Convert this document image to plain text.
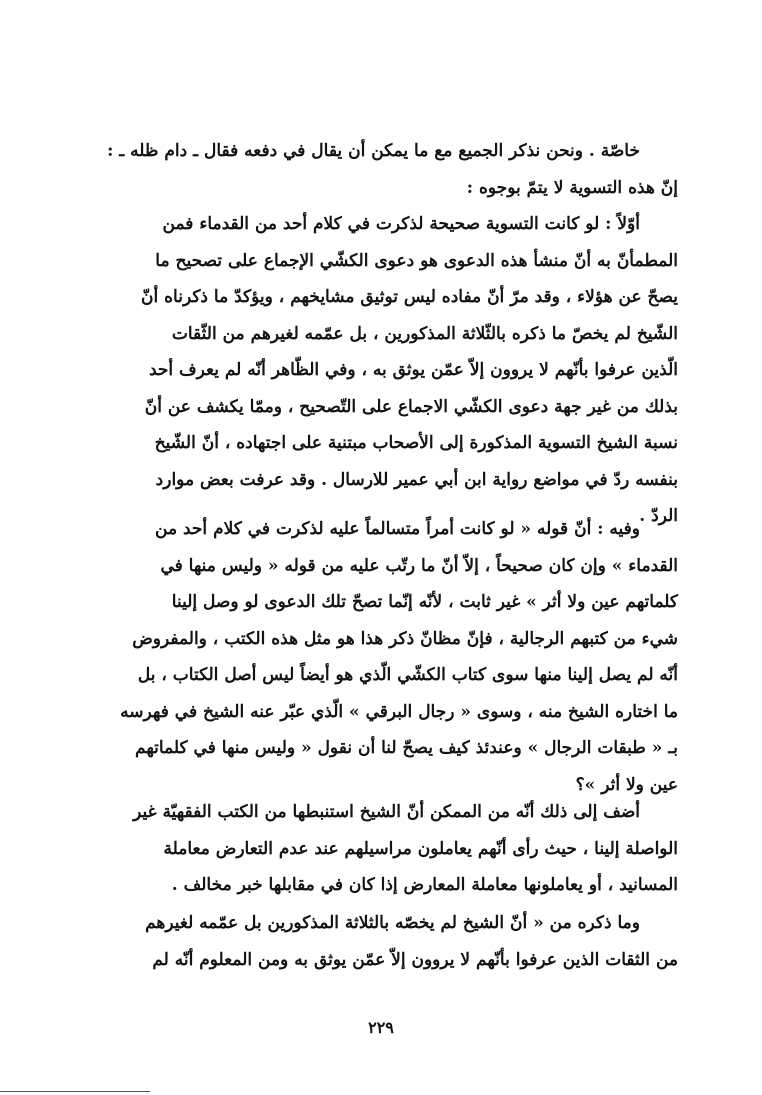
خاصّة . ونحن نذكر الجميع مع ما يمكن أن يقال في دفعه فقال ـ دام ظله ـ :
إنّ هذه التسوية لا يتمّ بوجوه :
أوّلاً : لو كانت التسوية صحيحة لذكرت في كلام أحد من القدماء فمن
المطمأنّ به أنّ منشأ هذه الدعوى هو دعوى الكشّي الإجماع على تصحيح ما
يصحّ عن هؤلاء ، وقد مرّ أنّ مفاده ليس توثيق مشايخهم ، ويؤكدّ ما ذكرناه أنّ
الشّيخ لم يخصّ ما ذكره بالثّلاثة المذكورين ، بل عمّمه لغيرهم من الثّقات
الّذين عرفوا بأنّهم لا يروون إلاّ عمّن يوثق به ، وفي الظّاهر أنّه لم يعرف أحد
بذلك من غير جهة دعوى الكشّي الاجماع على التّصحيح ، وممّا يكشف عن أنّ
نسبة الشيخ التسوية المذكورة إلى الأصحاب مبتنية على اجتهاده ، أنّ الشّيخ
بنفسه ردّ في مواضع رواية ابن أبي عمير للارسال . وقد عرفت بعض موارد
الردّ .
وفيه : أنّ قوله « لو كانت أمراً متسالماً عليه لذكرت في كلام أحد من
القدماء » وإن كان صحيحاً ، إلاّ أنّ ما رتّب عليه من قوله « وليس منها في
كلماتهم عين ولا أثر » غير ثابت ، لأنّه إنّما تصحّ تلك الدعوى لو وصل إلينا
شيء من كتبهم الرجالية ، فإنّ مظانّ ذكر هذا هو مثل هذه الكتب ، والمفروض
أنّه لم يصل إلينا منها سوى كتاب الكشّي الّذي هو أيضاً ليس أصل الكتاب ، بل
ما اختاره الشيخ منه ، وسوى « رجال البرقي » الّذي عبّر عنه الشيخ في فهرسه
بـ « طبقات الرجال » وعندئذ كيف يصحّ لنا أن نقول « وليس منها في كلماتهم
عين ولا أثر »؟
أضف إلى ذلك أنّه من الممكن أنّ الشيخ استنبطها من الكتب الفقهيّة غير
الواصلة إلينا ، حيث رأى أنّهم يعاملون مراسيلهم عند عدم التعارض معاملة
المسانيد ، أو يعاملونها معاملة المعارض إذا كان في مقابلها خبر مخالف .
وما ذكره من « أنّ الشيخ لم يخصّه بالثلاثة المذكورين بل عمّمه لغيرهم
من الثقات الذين عرفوا بأنّهم لا يروون إلاّ عمّن يوثق به ومن المعلوم أنّه لم
٢٢٩
